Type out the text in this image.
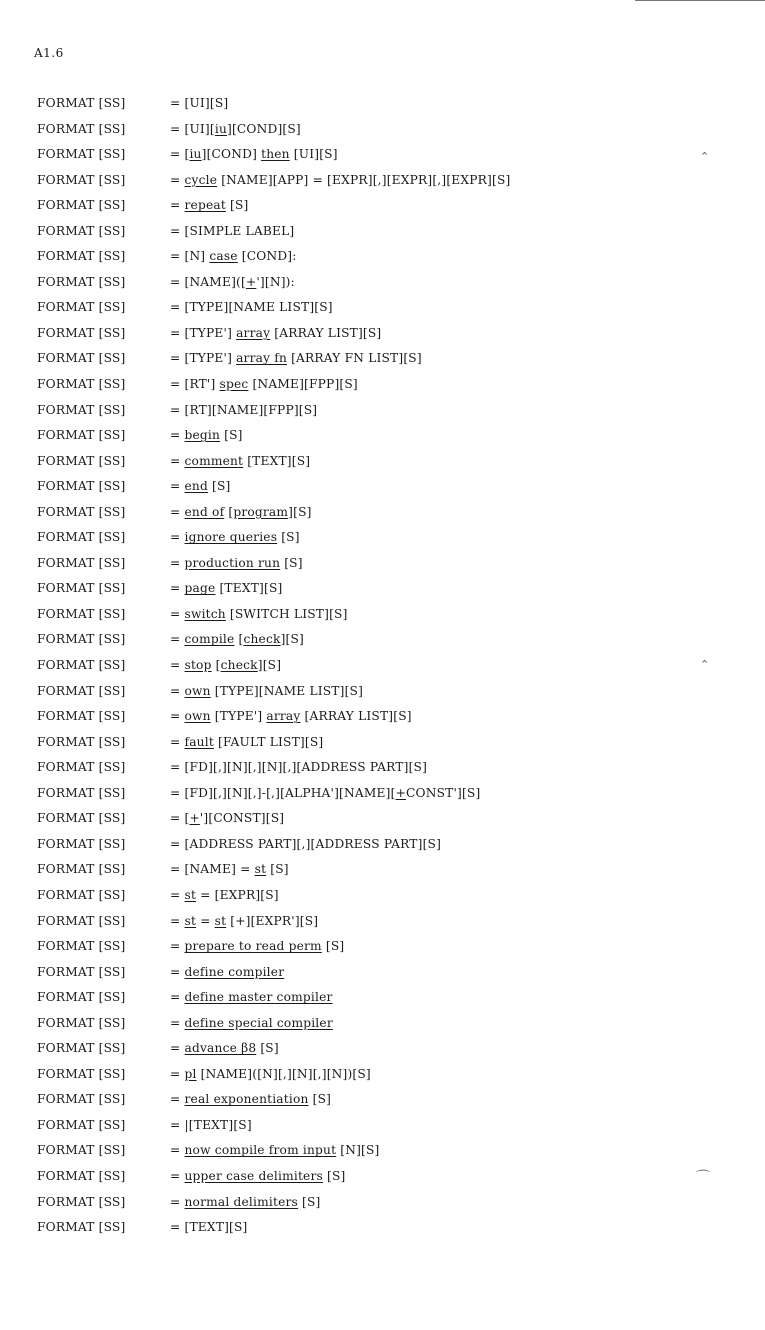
A1.6
FORMAT [SS]	= [UI][S]
FORMAT [SS]	= [UI][iu][COND][S]
FORMAT [SS]	= [iu][COND] then [UI][S]
FORMAT [SS]	= cycle [NAME][APP] = [EXPR][,][EXPR][,][EXPR][S]
FORMAT [SS]	= repeat [S]
FORMAT [SS]	= [SIMPLE LABEL]
FORMAT [SS]	= [N] case [COND]:
FORMAT [SS]	= [NAME]([+'][N]):
FORMAT [SS]	= [TYPE][NAME LIST][S]
FORMAT [SS]	= [TYPE'] array [ARRAY LIST][S]
FORMAT [SS]	= [TYPE'] array fn [ARRAY FN LIST][S]
FORMAT [SS]	= [RT'] spec [NAME][FPP][S]
FORMAT [SS]	= [RT][NAME][FPP][S]
FORMAT [SS]	= begin [S]
FORMAT [SS]	= comment [TEXT][S]
FORMAT [SS]	= end [S]
FORMAT [SS]	= end of [program][S]
FORMAT [SS]	= ignore queries [S]
FORMAT [SS]	= production run [S]
FORMAT [SS]	= page [TEXT][S]
FORMAT [SS]	= switch [SWITCH LIST][S]
FORMAT [SS]	= compile [check][S]
FORMAT [SS]	= stop [check][S]
FORMAT [SS]	= own [TYPE][NAME LIST][S]
FORMAT [SS]	= own [TYPE'] array [ARRAY LIST][S]
FORMAT [SS]	= fault [FAULT LIST][S]
FORMAT [SS]	= [FD][,][N][,][N][,][ADDRESS PART][S]
FORMAT [SS]	= [FD][,][N][,]-[,][ALPHA'][NAME][+CONST'][S]
FORMAT [SS]	= [+'][CONST][S]
FORMAT [SS]	= [ADDRESS PART][,][ADDRESS PART][S]
FORMAT [SS]	= [NAME] = st [S]
FORMAT [SS]	= st = [EXPR][S]
FORMAT [SS]	= st = st [+][EXPR'][S]
FORMAT [SS]	= prepare to read perm [S]
FORMAT [SS]	= define compiler
FORMAT [SS]	= define master compiler
FORMAT [SS]	= define special compiler
FORMAT [SS]	= advance β8 [S]
FORMAT [SS]	= pl [NAME]([N][,][N][,][N])[S]
FORMAT [SS]	= real exponentiation [S]
FORMAT [SS]	= |[TEXT][S]
FORMAT [SS]	= now compile from input [N][S]
FORMAT [SS]	= upper case delimiters [S]
FORMAT [SS]	= normal delimiters [S]
FORMAT [SS]	= [TEXT][S]
⌃
⌃
⌒
